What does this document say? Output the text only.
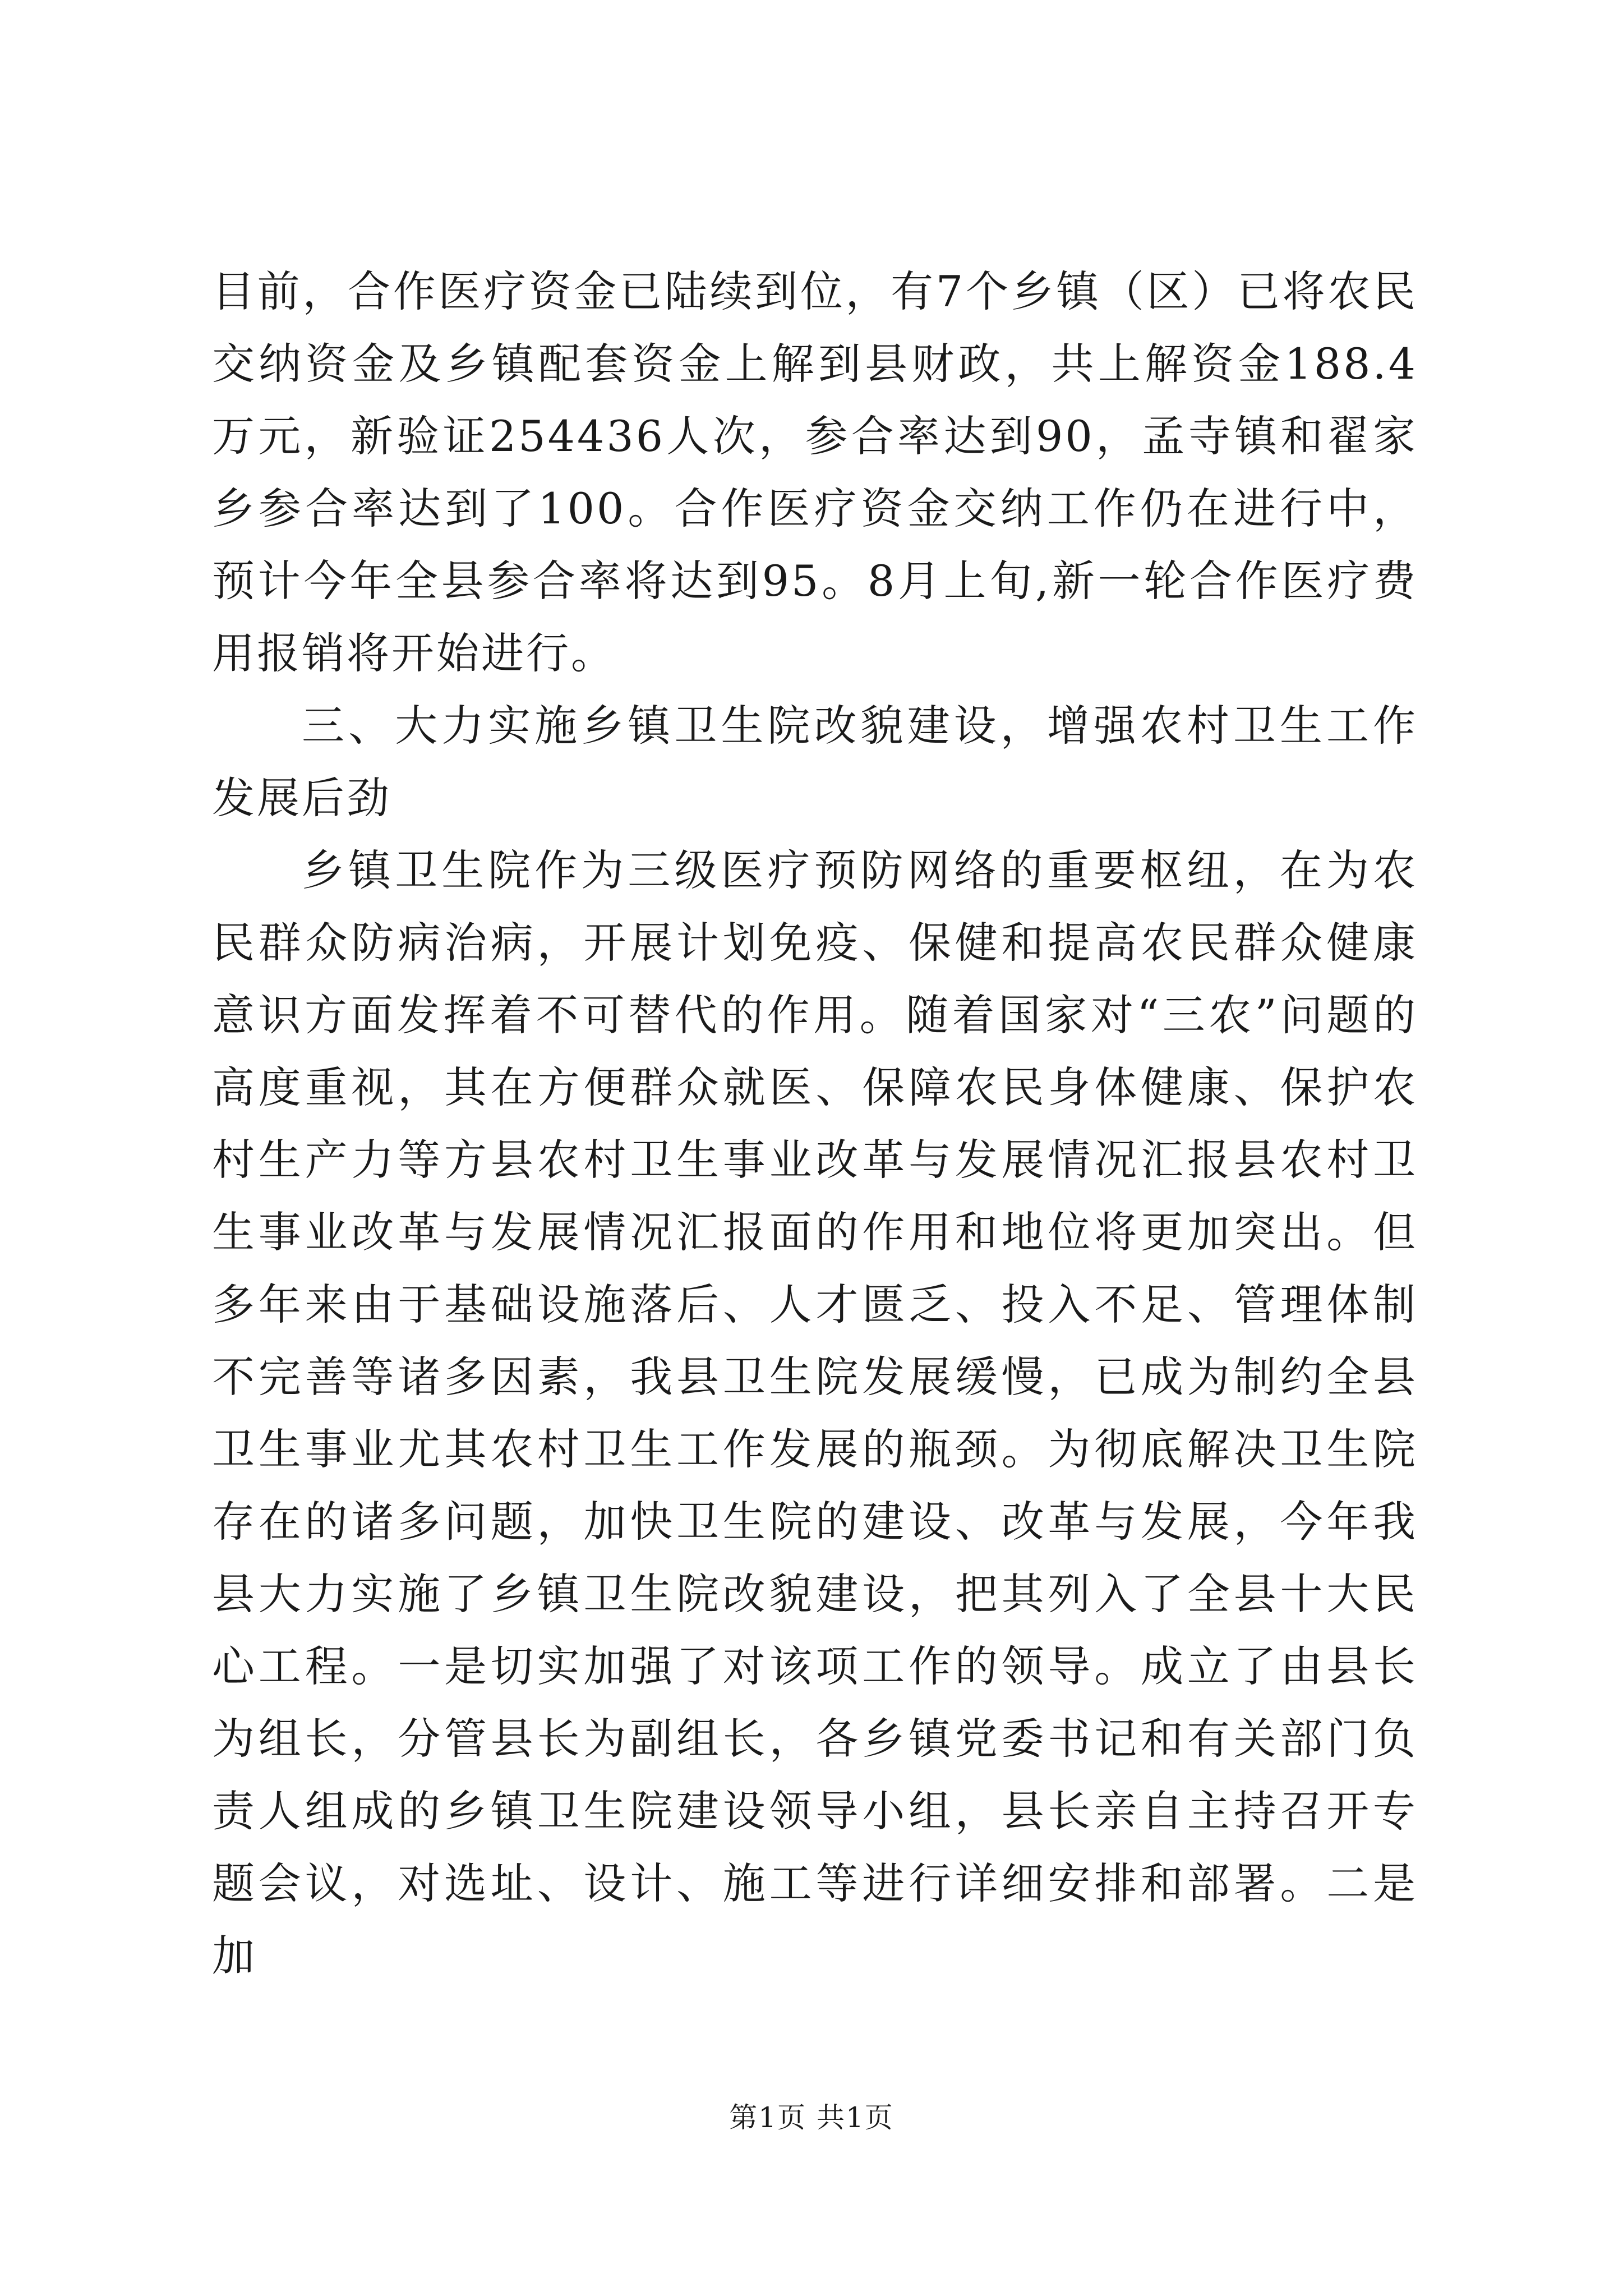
目前，合作医疗资金已陆续到位，有7个乡镇（区）已将农民交纳资金及乡镇配套资金上解到县财政，共上解资金188.4万元，新验证254436人次，参合率达到90，孟寺镇和翟家乡参合率达到了100。合作医疗资金交纳工作仍在进行中，预计今年全县参合率将达到95。8月上旬,新一轮合作医疗费用报销将开始进行。

三、大力实施乡镇卫生院改貌建设，增强农村卫生工作发展后劲

乡镇卫生院作为三级医疗预防网络的重要枢纽，在为农民群众防病治病，开展计划免疫、保健和提高农民群众健康意识方面发挥着不可替代的作用。随着国家对“三农”问题的高度重视，其在方便群众就医、保障农民身体健康、保护农村生产力等方县农村卫生事业改革与发展情况汇报县农村卫生事业改革与发展情况汇报面的作用和地位将更加突出。但多年来由于基础设施落后、人才匮乏、投入不足、管理体制不完善等诸多因素，我县卫生院发展缓慢，已成为制约全县卫生事业尤其农村卫生工作发展的瓶颈。为彻底解决卫生院存在的诸多问题，加快卫生院的建设、改革与发展，今年我县大力实施了乡镇卫生院改貌建设，把其列入了全县十大民心工程。一是切实加强了对该项工作的领导。成立了由县长为组长，分管县长为副组长，各乡镇党委书记和有关部门负责人组成的乡镇卫生院建设领导小组，县长亲自主持召开专题会议，对选址、设计、施工等进行详细安排和部署。二是加

第1页 共1页
